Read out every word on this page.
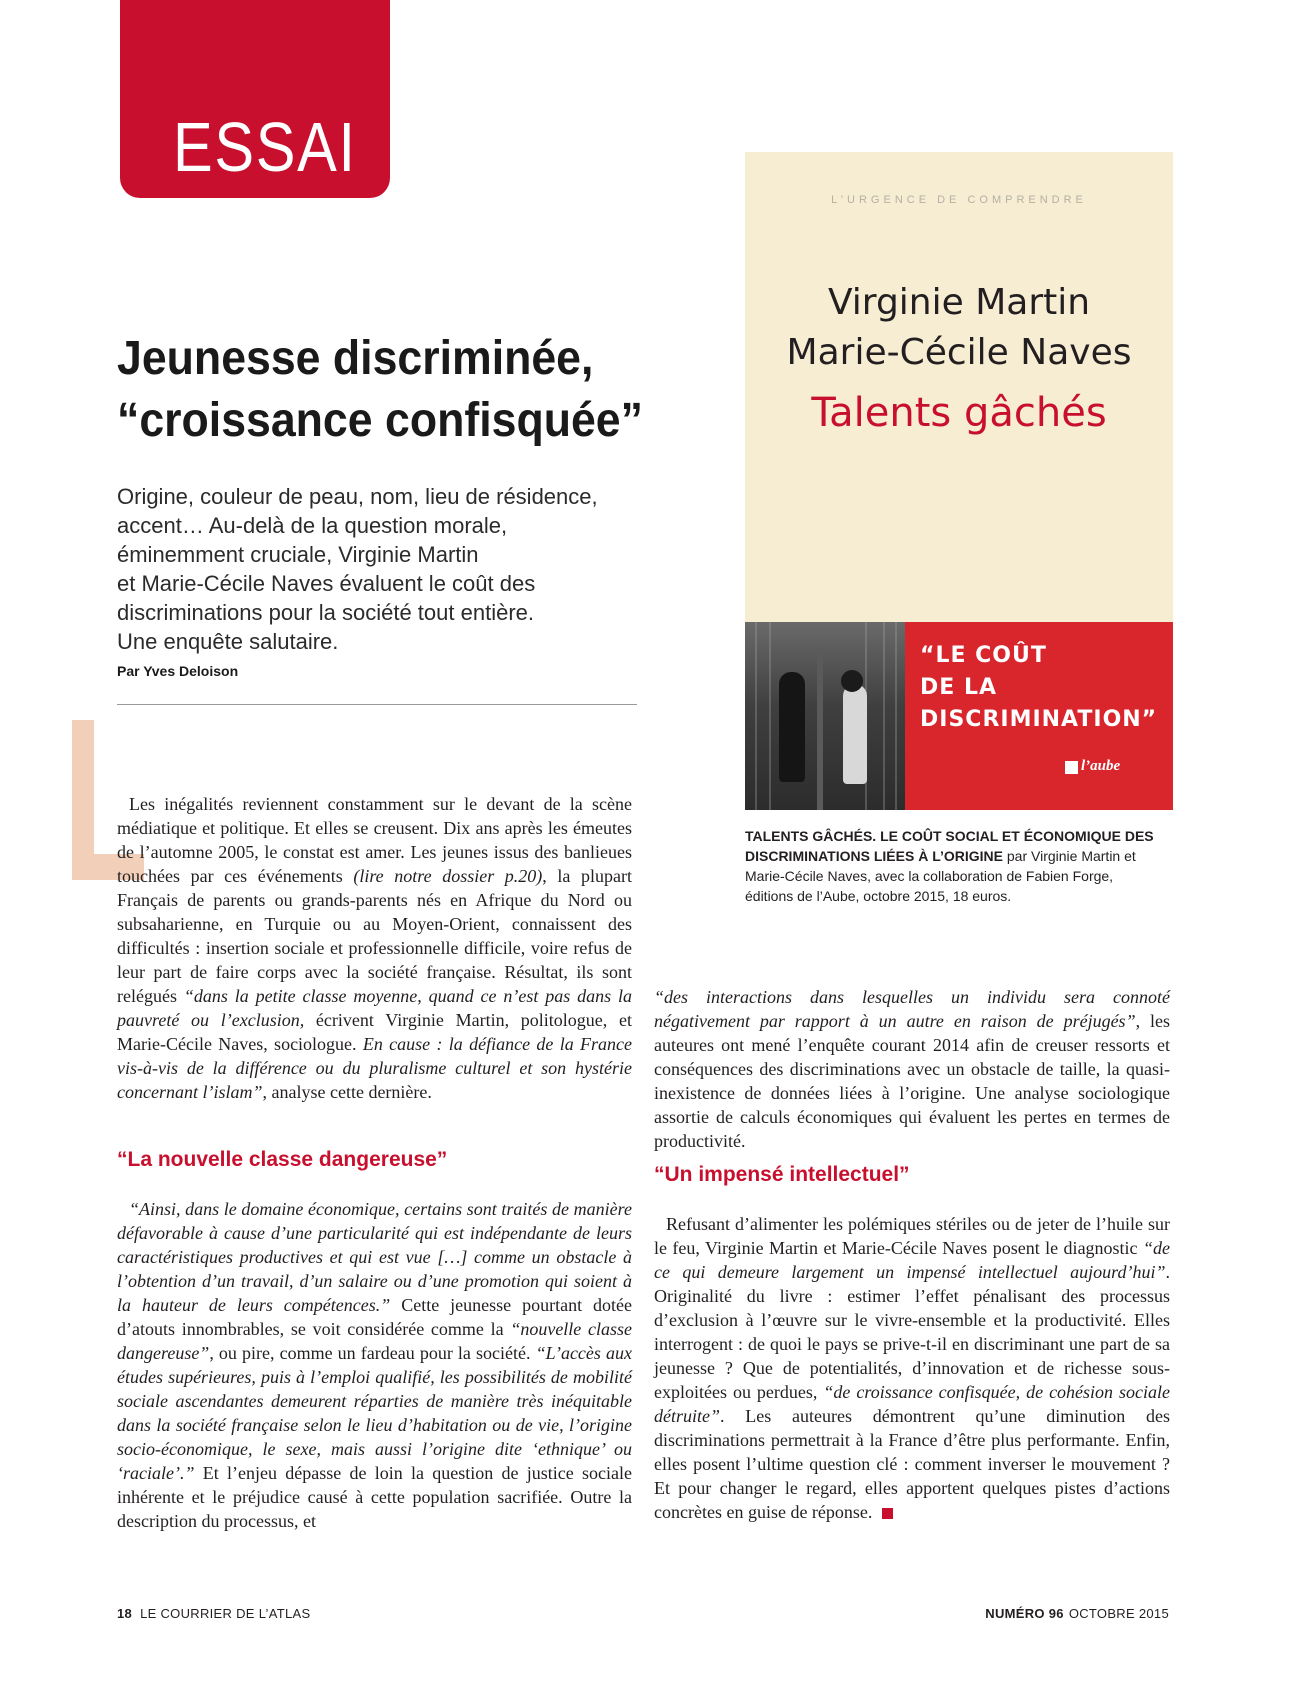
ESSAI
Jeunesse discriminée,
“croissance confisquée”
Origine, couleur de peau, nom, lieu de résidence,
accent… Au-delà de la question morale,
éminemment cruciale, Virginie Martin
et Marie-Cécile Naves évaluent le coût des
discriminations pour la société tout entière.
Une enquête salutaire.
Par Yves Deloison

Les inégalités reviennent constamment sur le devant de la scène médiatique et politique. Et elles se creusent. Dix ans après les émeutes de l’automne 2005, le constat est amer. Les jeunes issus des banlieues touchées par ces événements (lire notre dossier p.20), la plupart Français de parents ou grands-parents nés en Afrique du Nord ou subsaharienne, en Turquie ou au Moyen-Orient, connaissent des difficultés : insertion sociale et professionnelle difficile, voire refus de leur part de faire corps avec la société française. Résultat, ils sont relégués “dans la petite classe moyenne, quand ce n’est pas dans la pauvreté ou l’exclusion, écrivent Virginie Martin, politologue, et Marie-Cécile Naves, sociologue. En cause : la défiance de la France vis-à-vis de la différence ou du pluralisme culturel et son hystérie concernant l’islam”, analyse cette dernière.

“La nouvelle classe dangereuse”

“Ainsi, dans le domaine économique, certains sont traités de manière défavorable à cause d’une particularité qui est indépendante de leurs caractéristiques productives et qui est vue […] comme un obstacle à l’obtention d’un travail, d’un salaire ou d’une promotion qui soient à la hauteur de leurs compétences.” Cette jeunesse pourtant dotée d’atouts innombrables, se voit considérée comme la “nouvelle classe dangereuse”, ou pire, comme un fardeau pour la société. “L’accès aux études supérieures, puis à l’emploi qualifié, les possibilités de mobilité sociale ascendantes demeurent réparties de manière très inéquitable dans la société française selon le lieu d’habitation ou de vie, l’origine socio-économique, le sexe, mais aussi l’origine dite ‘ethnique’ ou ‘raciale’.” Et l’enjeu dépasse de loin la question de justice sociale inhérente et le préjudice causé à cette population sacrifiée. Outre la description du processus, et

“des interactions dans lesquelles un individu sera connoté négativement par rapport à un autre en raison de préjugés”, les auteures ont mené l’enquête courant 2014 afin de creuser ressorts et conséquences des discriminations avec un obstacle de taille, la quasi-inexistence de données liées à l’origine. Une analyse sociologique assortie de calculs économiques qui évaluent les pertes en termes de productivité.

“Un impensé intellectuel”

Refusant d’alimenter les polémiques stériles ou de jeter de l’huile sur le feu, Virginie Martin et Marie-Cécile Naves posent le diagnostic “de ce qui demeure largement un impensé intellectuel aujourd’hui”. Originalité du livre : estimer l’effet pénalisant des processus d’exclusion à l’œuvre sur le vivre-ensemble et la productivité. Elles interrogent : de quoi le pays se prive-t-il en discriminant une part de sa jeunesse ? Que de potentialités, d’innovation et de richesse sous-exploitées ou perdues, “de croissance confisquée, de cohésion sociale détruite”. Les auteures démontrent qu’une diminution des discriminations permettrait à la France d’être plus performante. Enfin, elles posent l’ultime question clé : comment inverser le mouvement ? Et pour changer le regard, elles apportent quelques pistes d’actions concrètes en guise de réponse.

L’URGENCE DE COMPRENDRE
Virginie Martin
Marie-Cécile Naves
Talents gâchés
“LE COÛT
DE LA
DISCRIMINATION”
l’aube
TALENTS GÂCHÉS. LE COÛT SOCIAL ET ÉCONOMIQUE DES
DISCRIMINATIONS LIÉES À L’ORIGINE par Virginie Martin et
Marie-Cécile Naves, avec la collaboration de Fabien Forge,
éditions de l’Aube, octobre 2015, 18 euros.
18 LE COURRIER DE L’ATLAS	NUMÉRO 96 OCTOBRE 2015
